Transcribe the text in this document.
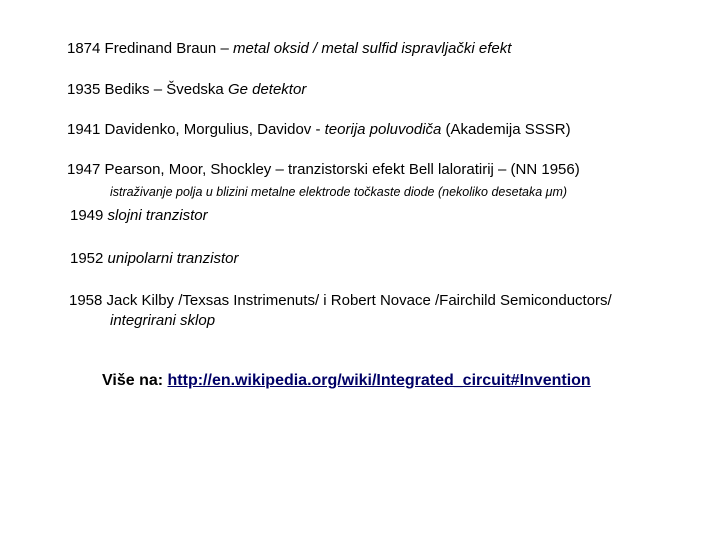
1874 Fredinand Braun – metal oksid / metal sulfid ispravljački efekt
1935 Bediks – Švedska Ge detektor
1941 Davidenko, Morgulius, Davidov - teorija poluvodiča (Akademija SSSR)
1947 Pearson, Moor, Shockley – tranzistorski efekt Bell laloratirij – (NN 1956)
istraživanje polja u blizini metalne elektrode točkaste diode (nekoliko desetaka μm)
1949 slojni tranzistor
1952 unipolarni tranzistor
1958 Jack Kilby /Texsas Instrimenuts/ i Robert Novace /Fairchild Semiconductors/
integrirani sklop
Više na: http://en.wikipedia.org/wiki/Integrated_circuit#Invention
